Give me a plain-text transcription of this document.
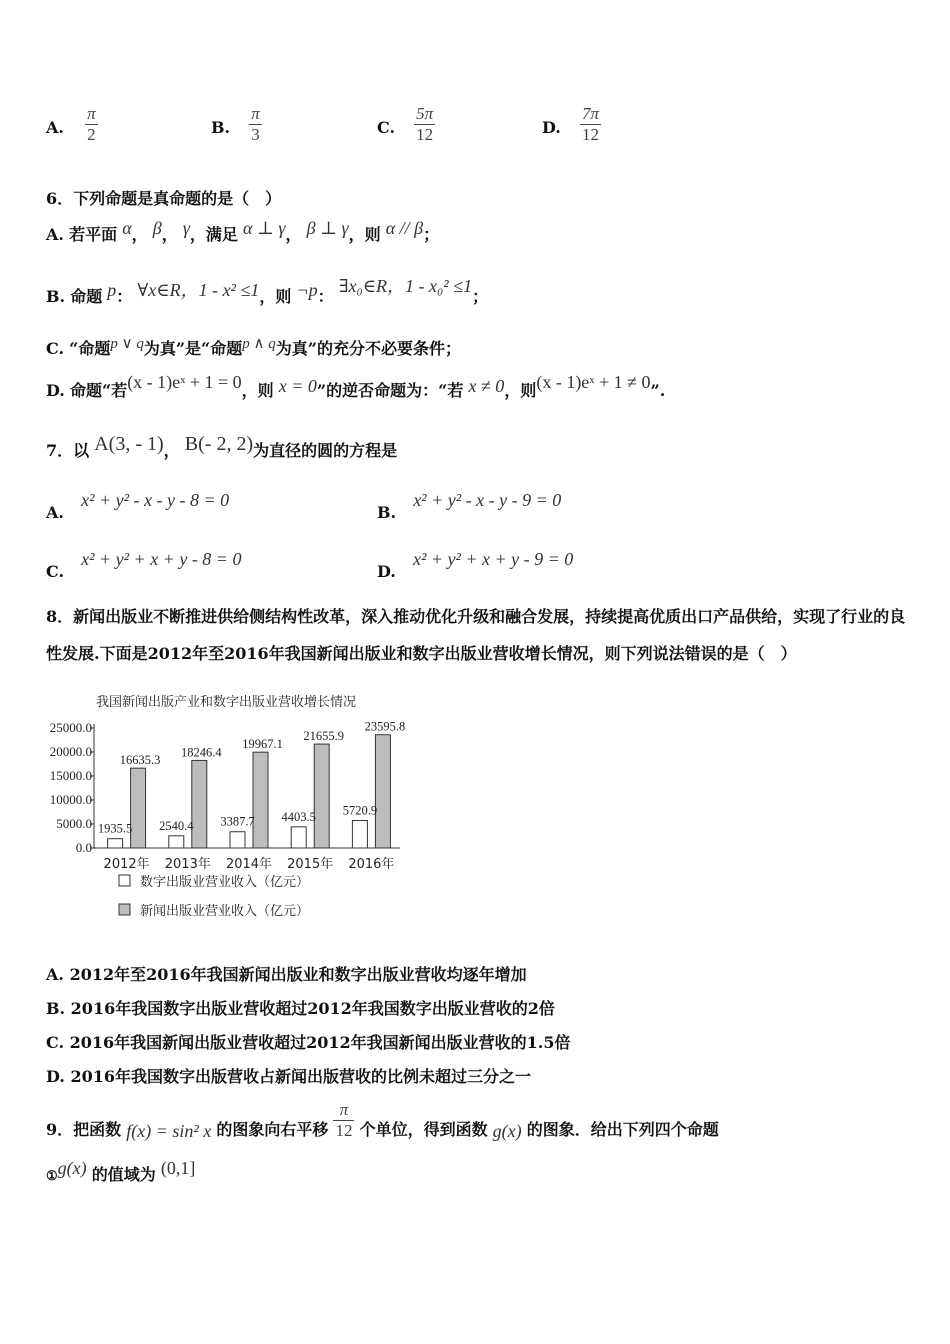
A. $\frac{\pi}{2}$	B. $\frac{\pi}{3}$	C. $\frac{5\pi}{12}$	D. $\frac{7\pi}{12}$
6．下列命题是真命题的是（　）
A. 若平面 α， β， γ，满足 α ⊥ γ， β ⊥ γ，则 α // β；
B. 命题 p： ∀x∈R，1 - x² ≤1，则 ¬p： ∃x₀∈R，1 - x₀² ≤1；
C. “命题p ∨ q为真”是“命题p ∧ q为真”的充分不必要条件；
D. 命题“若(x - 1)eˣ + 1 = 0，则 x = 0”的逆否命题为：“若 x ≠ 0，则(x - 1)eˣ + 1 ≠ 0”.
7．以 A(3, - 1)， B(- 2, 2)为直径的圆的方程是
A. x² + y² - x - y - 8 = 0
B. x² + y² - x - y - 9 = 0
C. x² + y² + x + y - 8 = 0
D. x² + y² + x + y - 9 = 0
8．新闻出版业不断推进供给侧结构性改革，深入推动优化升级和融合发展，持续提高优质出口产品供给，实现了行业的良性发展.下面是2012年至2016年我国新闻出版业和数字出版业营收增长情况，则下列说法错误的是（　）
我国新闻出版产业和数字出版业营收增长情况
0.0
5000.0
10000.0
15000.0
20000.0
25000.0
1935.5
16635.3
2012年
2540.4
18246.4
2013年
3387.7
19967.1
2014年
4403.5
21655.9
2015年
5720.9
23595.8
2016年
数字出版业营业收入（亿元）
新闻出版业营业收入（亿元）
A. 2012年至2016年我国新闻出版业和数字出版业营收均逐年增加
B. 2016年我国数字出版业营收超过2012年我国数字出版业营收的2倍
C. 2016年我国新闻出版业营收超过2012年我国新闻出版业营收的1.5倍
D. 2016年我国数字出版营收占新闻出版营收的比例未超过三分之一
9．把函数 f(x) = sin² x 的图象向右平移 $\frac{\pi}{12}$ 个单位，得到函数 g(x) 的图象．给出下列四个命题
$_①$g(x) 的值域为 (0,1]
